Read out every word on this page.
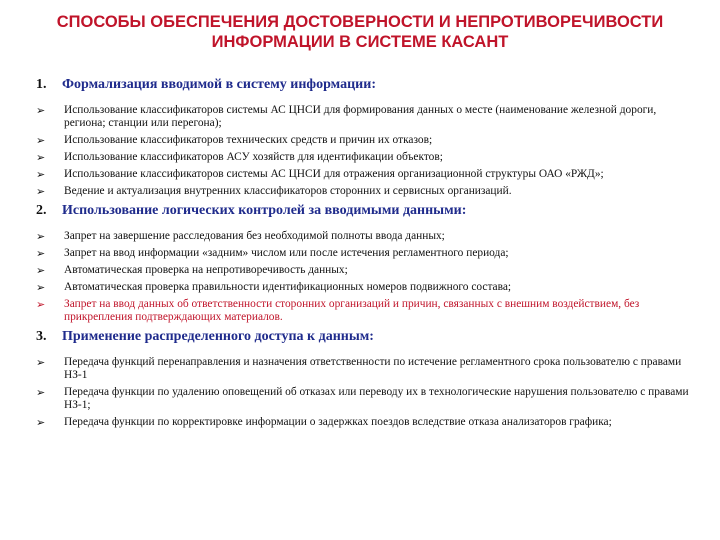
СПОСОБЫ ОБЕСПЕЧЕНИЯ ДОСТОВЕРНОСТИ И НЕПРОТИВОРЕЧИВОСТИ
ИНФОРМАЦИИ В СИСТЕМЕ КАСАНТ
1.	Формализация вводимой в систему информации:
➢	Использование классификаторов системы АС ЦНСИ для формирования данных о месте (наименование железной дороги, региона; станции или перегона);
➢	Использование классификаторов технических средств и причин их отказов;
➢	Использование классификаторов АСУ хозяйств для идентификации объектов;
➢	Использование классификаторов системы АС ЦНСИ для отражения организационной структуры ОАО «РЖД»;
➢	Ведение и актуализация внутренних классификаторов сторонних и сервисных организаций.
2.	Использование логических контролей за вводимыми данными:
➢	Запрет на завершение расследования без необходимой полноты ввода данных;
➢	Запрет на ввод информации «задним» числом или после истечения регламентного периода;
➢	Автоматическая проверка на непротиворечивость данных;
➢	Автоматическая проверка правильности идентификационных номеров подвижного состава;
➢	Запрет на ввод данных об ответственности сторонних организаций и причин, связанных с внешним воздействием, без прикрепления подтверждающих материалов.
3.	Применение распределенного доступа к данным:
➢	Передача функций перенаправления и назначения ответственности по истечение регламентного срока пользователю с правами НЗ-1
➢	Передача функции по удалению оповещений об отказах или переводу их в технологические нарушения пользователю с правами НЗ-1;
➢	Передача функции по корректировке информации о задержках поездов вследствие отказа анализаторов графика;
